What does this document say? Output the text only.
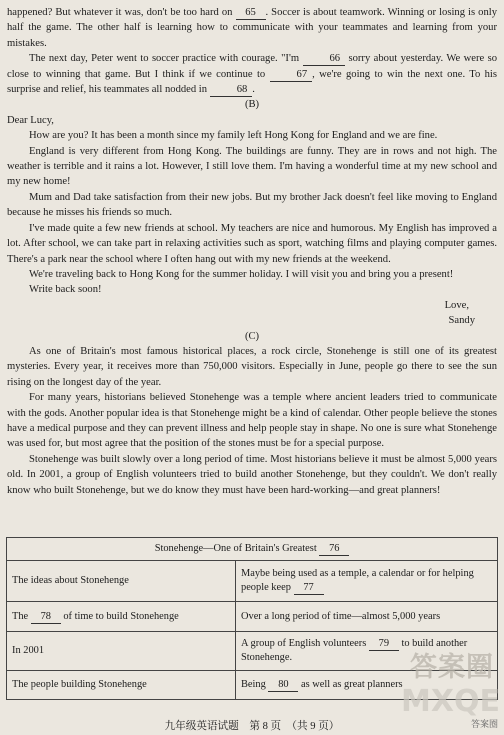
happened? But whatever it was, don't be too hard on 65 . Soccer is about teamwork. Winning or losing is only half the game. The other half is learning how to communicate with your teammates and learning from your mistakes.

The next day, Peter went to soccer practice with courage. "I'm	66 sorry about yesterday. We were so close to winning that game. But I think if we continue to	67 , we're going to win the next one. To his surprise and relief, his teammates all nodded in	68 .

(B)

Dear Lucy,

How are you? It has been a month since my family left Hong Kong for England and we are fine.

England is very different from Hong Kong. The buildings are funny. They are in rows and not high. The weather is terrible and it rains a lot. However, I still love them. I'm having a wonderful time at my new school and my new home!

Mum and Dad take satisfaction from their new jobs. But my brother Jack doesn't feel like moving to England because he misses his friends so much.

I've made quite a few new friends at school. My teachers are nice and humorous. My English has improved a lot. After school, we can take part in relaxing activities such as sport, watching films and playing computer games. There's a park near the school where I often hang out with my new friends at the weekend.

We're traveling back to Hong Kong for the summer holiday. I will visit you and bring you a present!

Write back soon!

Love,

Sandy

(C)

As one of Britain's most famous historical places, a rock circle, Stonehenge is still one of its greatest mysteries. Every year, it receives more than 750,000 visitors. Especially in June, people go there to see the sun rising on the longest day of the year.

For many years, historians believed Stonehenge was a temple where ancient leaders tried to communicate with the gods. Another popular idea is that Stonehenge might be a kind of calendar. Other people believe the stones have a medical purpose and they can prevent illness and help people stay in shape. No one is sure what Stonehenge was used for, but most agree that the position of the stones must be for a special purpose.

Stonehenge was built slowly over a long period of time. Most historians believe it must be almost 5,000 years old. In 2001, a group of English volunteers tried to build another Stonehenge, but they couldn't. We don't really know who built Stonehenge, but we do know they must have been hard-working—and great planners!

Stonehenge—One of Britain's Greatest 76	
The ideas about Stonehenge	Maybe being used as a temple, a calendar or for helping people keep 77
The 78 of time to build Stonehenge	Over a long period of time—almost 5,000 years
In 2001	A group of English volunteers 79 to build another Stonehenge.
The people building Stonehenge	Being 80 as well as great planners
答案圈
MXQE
九年级英语试题　第 8 页　（共 9 页）	答案圈
